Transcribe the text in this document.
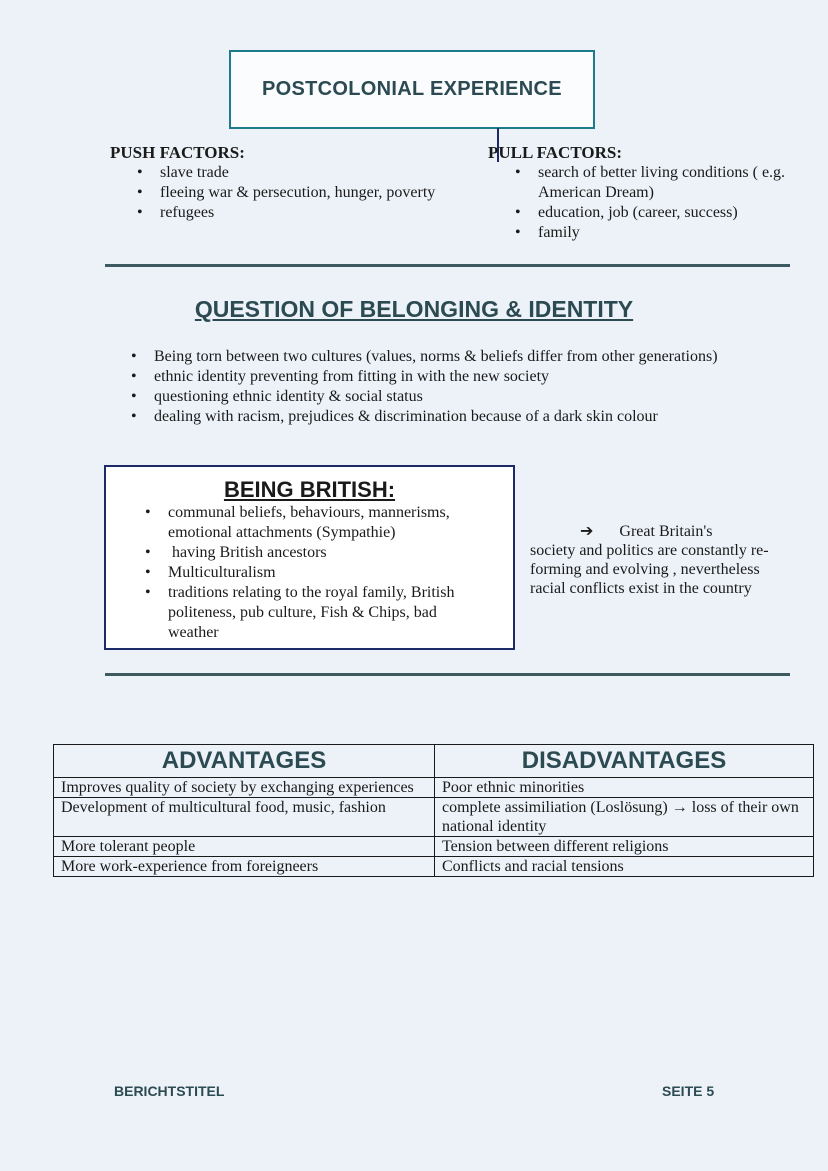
POSTCOLONIAL EXPERIENCE
PUSH FACTORS:
• slave trade
• fleeing war & persecution, hunger, poverty
• refugees
PULL FACTORS:
• search of better living conditions ( e.g. American Dream)
• education, job (career, success)
• family
QUESTION OF BELONGING & IDENTITY
• Being torn between two cultures (values, norms & beliefs differ from other generations)
• ethnic identity preventing from fitting in with the new society
• questioning ethnic identity & social status
• dealing with racism, prejudices & discrimination because of a dark skin colour
BEING BRITISH:
• communal beliefs, behaviours, mannerisms, emotional attachments (Sympathie)
•  having British ancestors
• Multiculturalism
• traditions relating to the royal family, British politeness, pub culture, Fish & Chips, bad weather
➔ Great Britain's
society and politics are constantly re-forming and evolving , nevertheless racial conflicts exist in the country
ADVANTAGES	DISADVANTAGES
Improves quality of society by exchanging experiences	Poor ethnic minorities
Development of multicultural food, music, fashion	complete assimiliation (Loslösung) → loss of their own national identity
More tolerant people	Tension between different religions
More work-experience from foreigneers	Conflicts and racial tensions
BERICHTSTITEL	SEITE 5
